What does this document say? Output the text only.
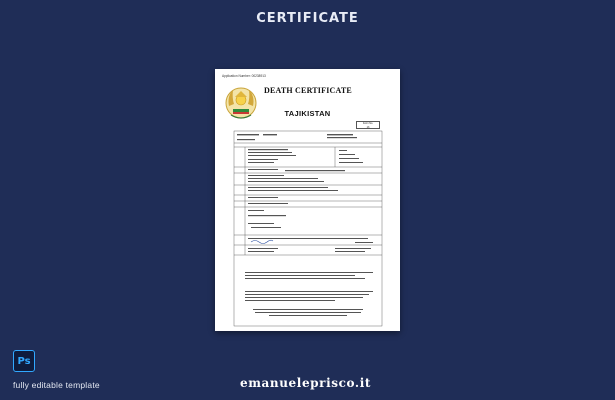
CERTIFICATE
Application Number: 00238913
DEATH CERTIFICATE
TAJIKISTAN
Form No.
13
Ps
fully editable template	emanueleprisco.it
